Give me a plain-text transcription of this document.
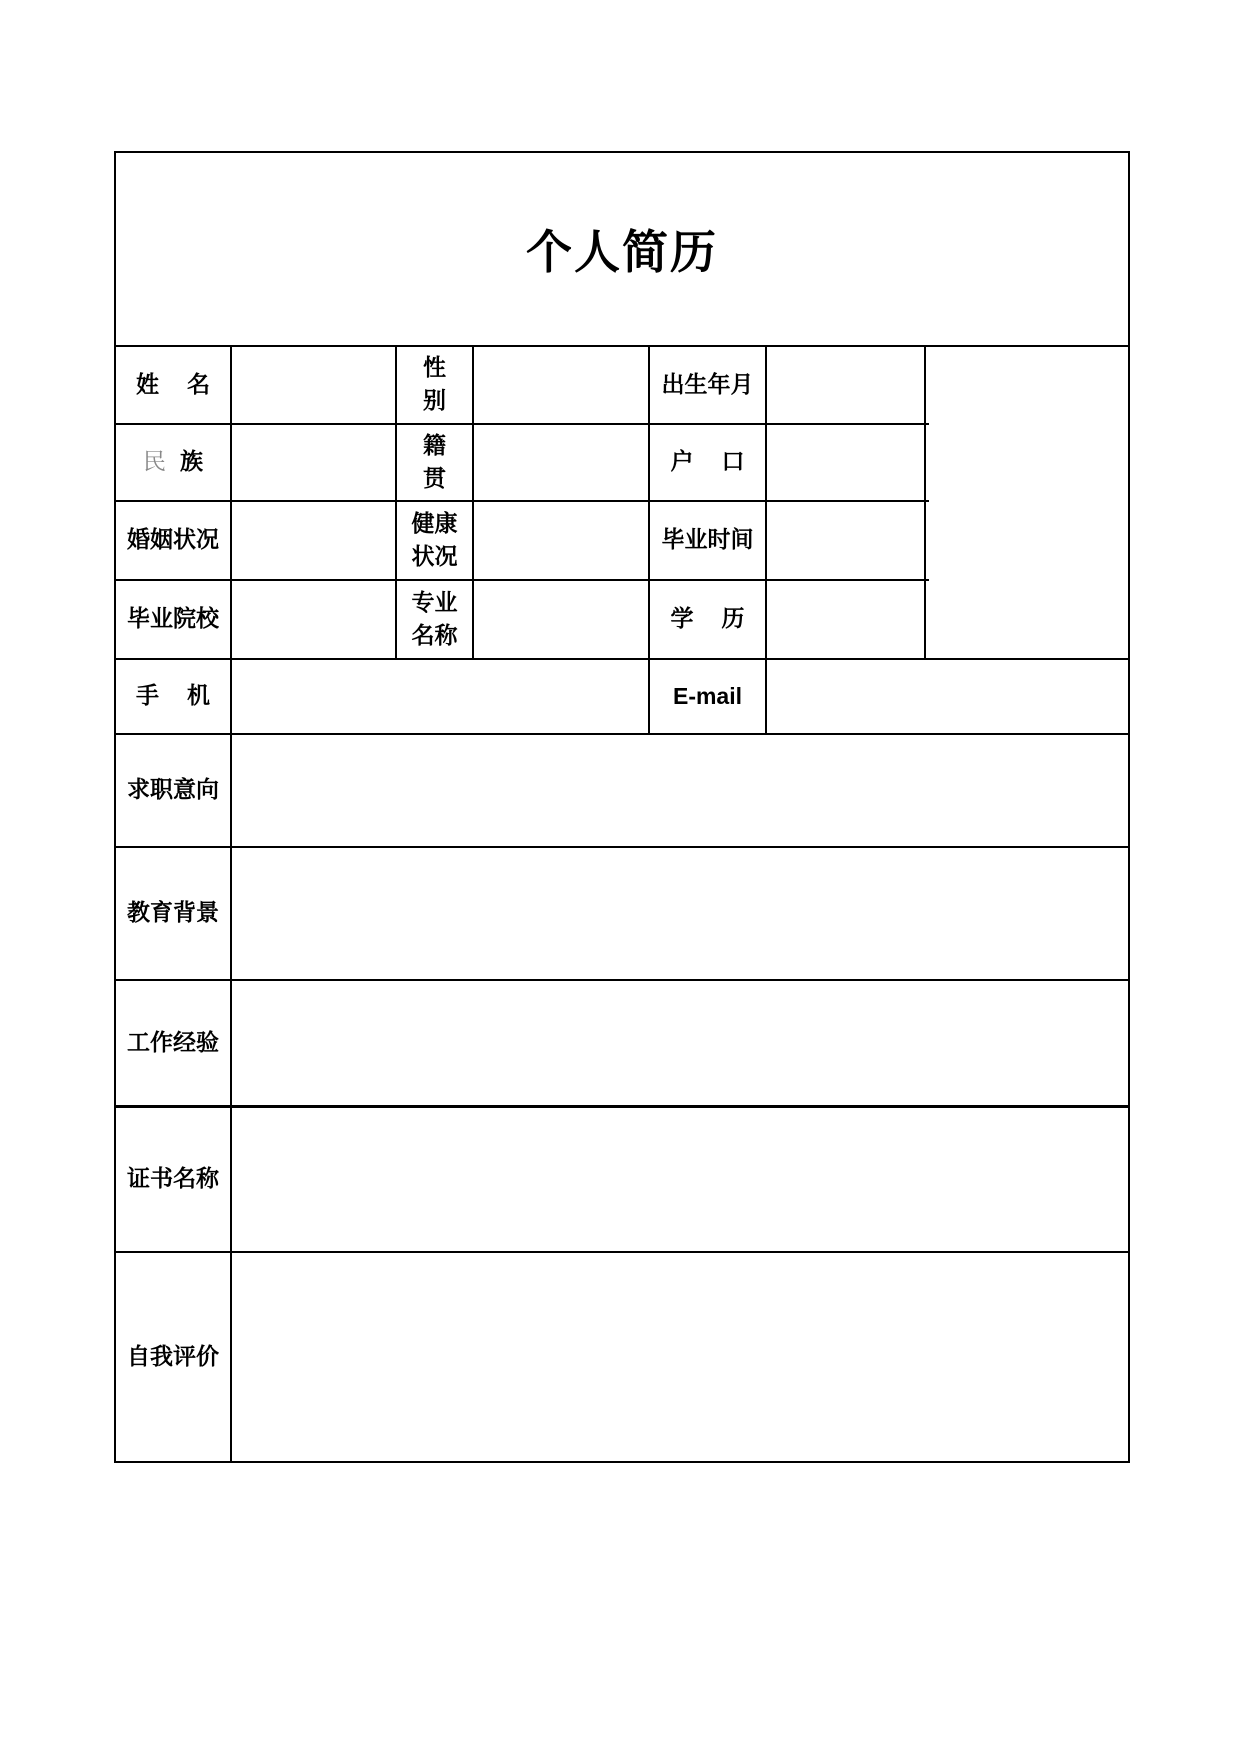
个人简历
姓 名
性 别
出生年月
民 族
籍 贯
户 口
婚姻状况
健康
状况
毕业时间
毕业院校
专业
名称
学 历
手 机	E-mail
求职意向
教育背景
工作经验
证书名称
自我评价
